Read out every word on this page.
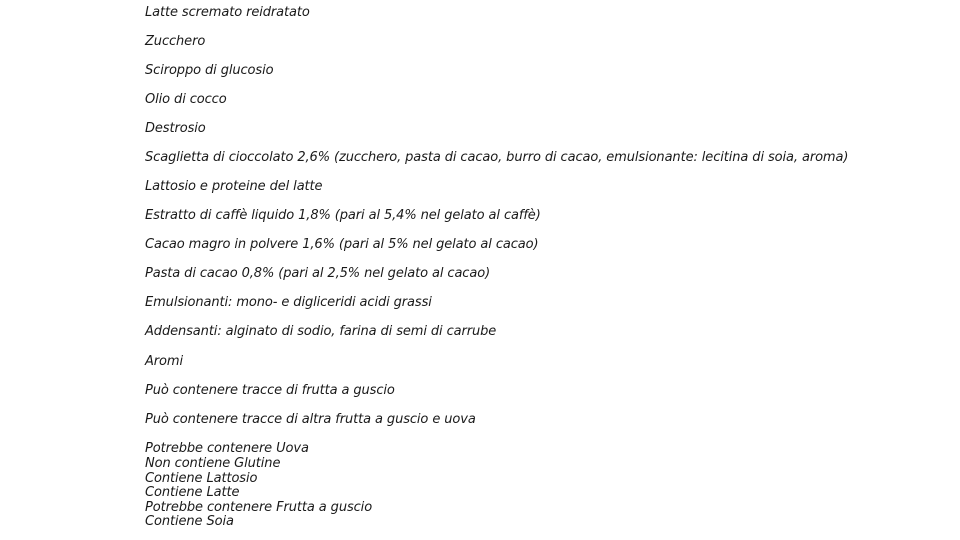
Latte scremato reidratato
Zucchero
Sciroppo di glucosio
Olio di cocco
Destrosio
Scaglietta di cioccolato 2,6% (zucchero, pasta di cacao, burro di cacao, emulsionante: lecitina di soia, aroma)
Lattosio e proteine del latte
Estratto di caffè liquido 1,8% (pari al 5,4% nel gelato al caffè)
Cacao magro in polvere 1,6% (pari al 5% nel gelato al cacao)
Pasta di cacao 0,8% (pari al 2,5% nel gelato al cacao)
Emulsionanti: mono- e digliceridi acidi grassi
Addensanti: alginato di sodio, farina di semi di carrube
Aromi
Può contenere tracce di frutta a guscio
Può contenere tracce di altra frutta a guscio e uova
Potrebbe contenere Uova
Non contiene Glutine
Contiene Lattosio
Contiene Latte
Potrebbe contenere Frutta a guscio
Contiene Soia
